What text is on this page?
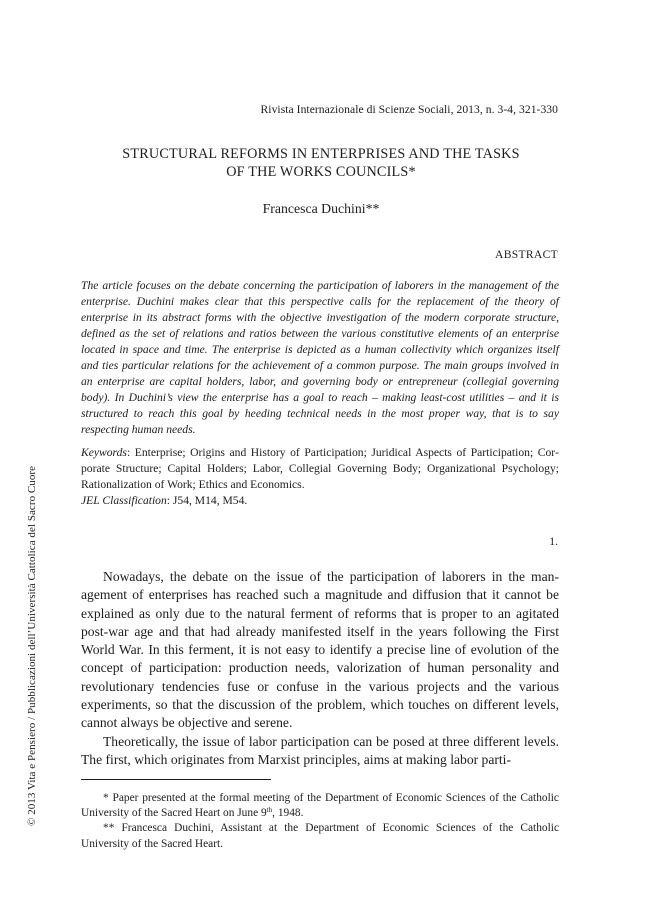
Rivista Internazionale di Scienze Sociali, 2013, n. 3-4, 321-330
STRUCTURAL REFORMS IN ENTERPRISES AND THE TASKS
OF THE WORKS COUNCILS*
Francesca Duchini**
ABSTRACT
The article focuses on the debate concerning the participation of laborers in the management of the enterprise. Duchini makes clear that this perspective calls for the replacement of the theory of enterprise in its abstract forms with the objective investigation of the modern corporate structure, defined as the set of relations and ratios between the various constitutive elements of an enterprise located in space and time. The enterprise is depicted as a human collectivity which organizes itself and ties particular relations for the achievement of a common purpose. The main groups involved in an enterprise are capital holders, labor, and governing body or entrepreneur (collegial governing body). In Duchini’s view the enterprise has a goal to reach – making least-cost utilities – and it is structured to reach this goal by heeding technical needs in the most proper way, that is to say respecting human needs.

Keywords: Enterprise; Origins and History of Participation; Juridical Aspects of Participation; Corporate Structure; Capital Holders; Labor, Collegial Governing Body; Organizational Psychology; Rationalization of Work; Ethics and Economics.

JEL Classification: J54, M14, M54.

© 2013 Vita e Pensiero / Pubblicazioni dell’Università Cattolica del Sacro Cuore	1.

Nowadays, the debate on the issue of the participation of laborers in the management of enterprises has reached such a magnitude and diffusion that it cannot be explained as only due to the natural ferment of reforms that is proper to an agitated post-war age and that had already manifested itself in the years following the First World War. In this ferment, it is not easy to identify a precise line of evolution of the concept of participation: production needs, valorization of human personality and revolutionary tendencies fuse or confuse in the various projects and the various experiments, so that the discussion of the problem, which touches on different levels, cannot always be objective and serene.

Theoretically, the issue of labor participation can be posed at three different levels. The first, which originates from Marxist principles, aims at making labor parti-

* Paper presented at the formal meeting of the Department of Economic Sciences of the Catholic University of the Sacred Heart on June 9th, 1948.

** Francesca Duchini, Assistant at the Department of Economic Sciences of the Catholic University of the Sacred Heart.
